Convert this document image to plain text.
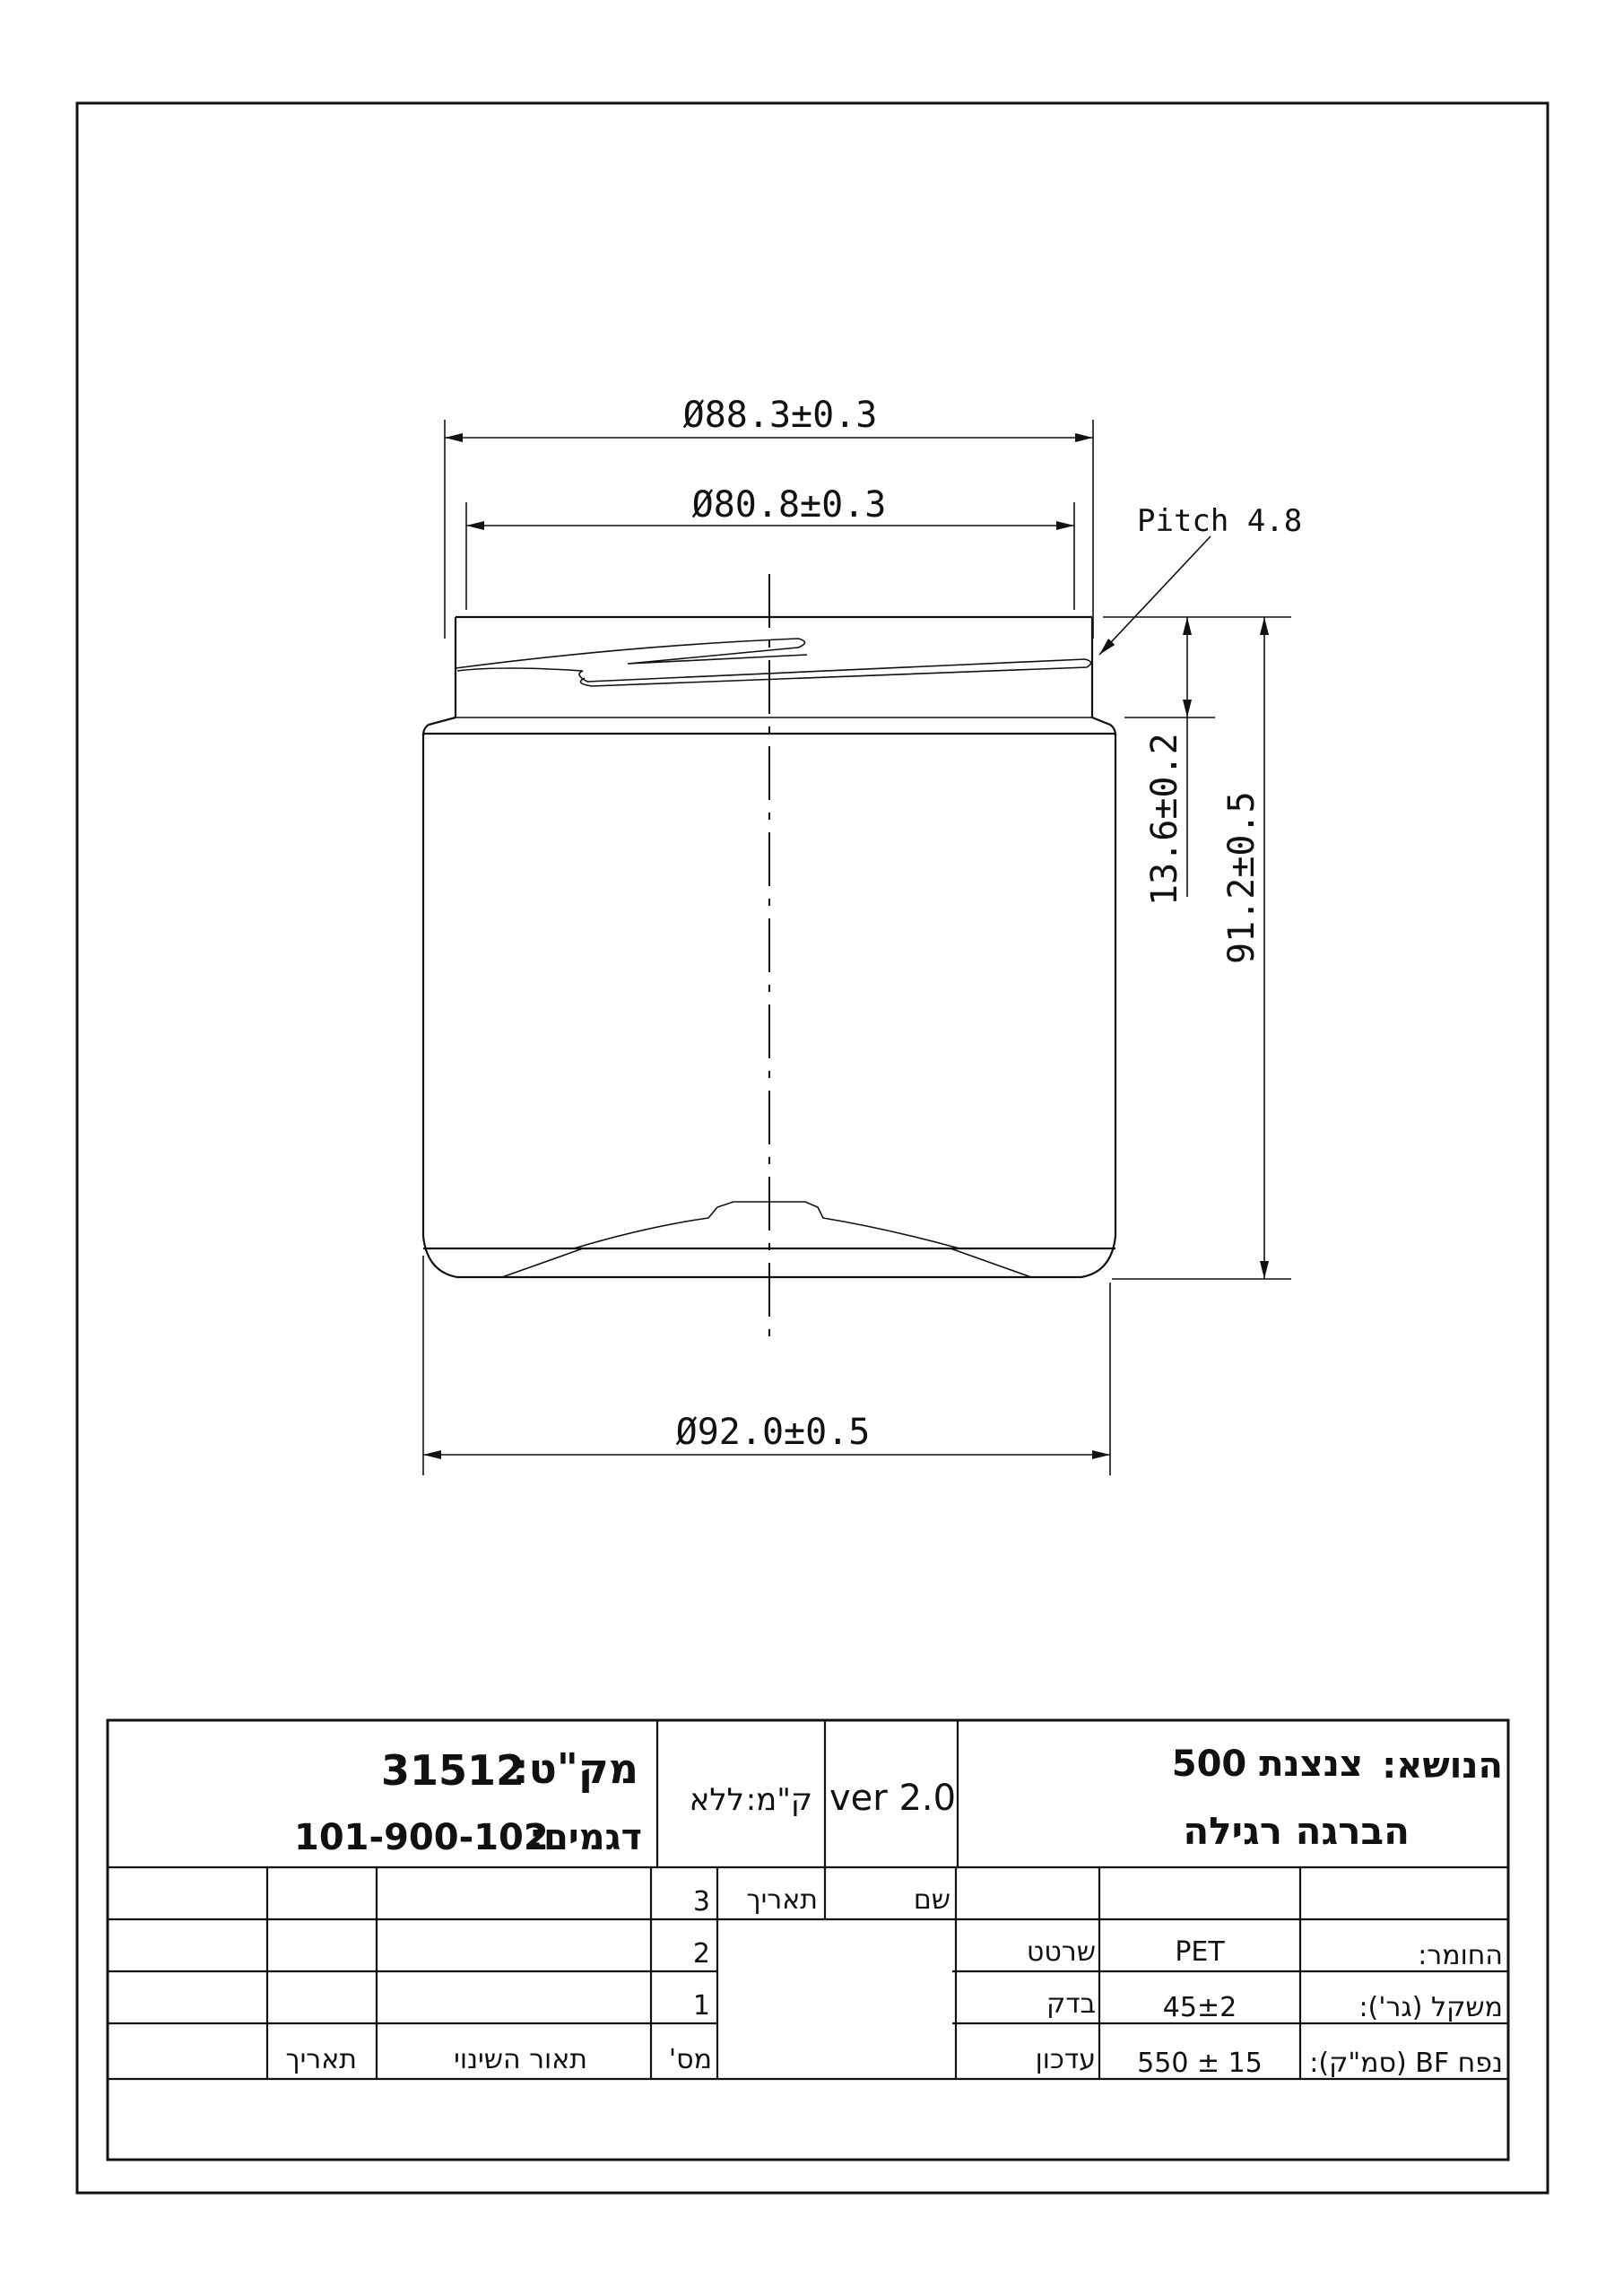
Ø88.3±0.3
Ø80.8±0.3	Pitch 4.8
13.6±0.2 91.2±0.5
Ø92.0±0.5
הנושא:
צנצנת 500
הברגה רגילה
ק"מ:
ללא
מק"ט:
דגמים:
ver 2.0
31512
101-900-102
שם
תאריך
שרטט
בדק
עדכון
החומר:
משקל (גר'):
נפח BF (סמ"ק):
מס'
תאור השינוי
תאריך
PET
45±2
550 ± 15
3
2
1
